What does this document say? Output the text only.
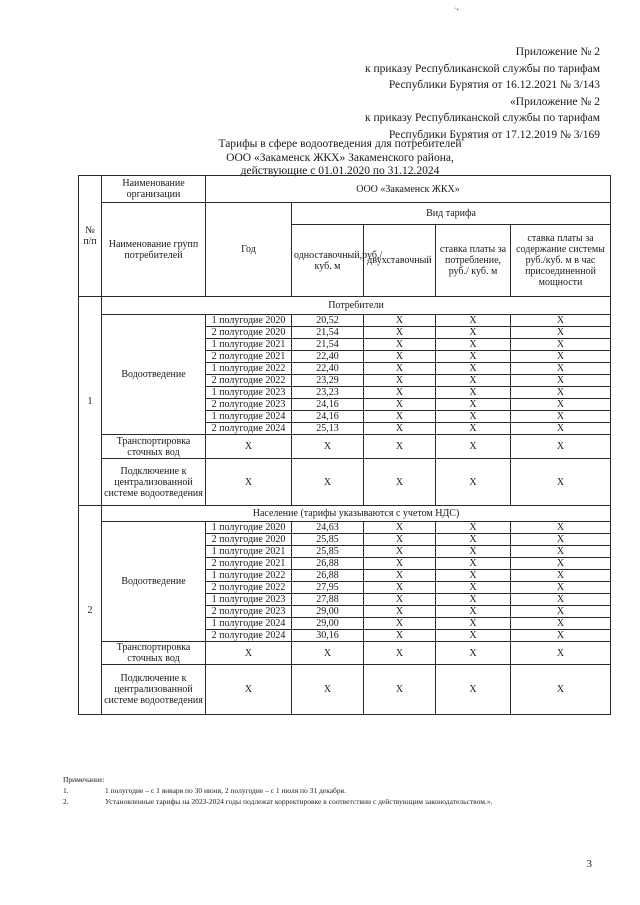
ʻ•
Приложение № 2
к приказу Республиканской службы по тарифам
Республики Бурятия от 16.12.2021 № 3/143
«Приложение № 2
к приказу Республиканской службы по тарифам
Республики Бурятия от 17.12.2019 № 3/169
Тарифы в сфере водоотведения для потребителей
ООО «Закаменск ЖКХ» Закаменского района,
действующие с 01.01.2020 по 31.12.2024
№ п/п	Наименование организации	ООО «Закаменск ЖКХ»				
	Наименование групп потребителей	Год	Вид тарифа			
			одноставочный,руб./ куб. м	двухставочный	ставка платы за потребление, руб./ куб. м	ставка платы за содержание системы руб./куб. м в час присоединенной мощности
1	Потребители					
	Водоотведение	1 полугодие 2020	20,52	Х	Х	Х
		2 полугодие 2020	21,54	Х	Х	Х
		1 полугодие 2021	21,54	Х	Х	Х
		2 полугодие 2021	22,40	Х	Х	Х
		1 полугодие 2022	22,40	Х	Х	Х
		2 полугодие 2022	23,29	Х	Х	Х
		1 полугодие 2023	23,23	Х	Х	Х
		2 полугодие 2023	24,16	Х	Х	Х
		1 полугодие 2024	24,16	Х	Х	Х
		2 полугодие 2024	25,13	Х	Х	Х
	Транспортировка сточных вод	Х	Х	Х	Х	Х
	Подключение к централизованной системе водоотведения	Х	Х	Х	Х	Х
2	Население (тарифы указываются с учетом НДС)					
	Водоотведение	1 полугодие 2020	24,63	Х	Х	Х
		2 полугодие 2020	25,85	Х	Х	Х
		1 полугодие 2021	25,85	Х	Х	Х
		2 полугодие 2021	26,88	Х	Х	Х
		1 полугодие 2022	26,88	Х	Х	Х
		2 полугодие 2022	27,95	Х	Х	Х
		1 полугодие 2023	27,88	Х	Х	Х
		2 полугодие 2023	29,00	Х	Х	Х
		1 полугодие 2024	29,00	Х	Х	Х
		2 полугодие 2024	30,16	Х	Х	Х
	Транспортировка сточных вод	Х	Х	Х	Х	Х
	Подключение к централизованной системе водоотведения	Х	Х	Х	Х	Х
Примечание:
1.	1 полугодие – с 1 января по 30 июня, 2 полугодие – с 1 июля по 31 декабря.
2.	Установленные тарифы на 2023-2024 годы подлежат корректировке в соответствии с действующим законодательством.».
3
